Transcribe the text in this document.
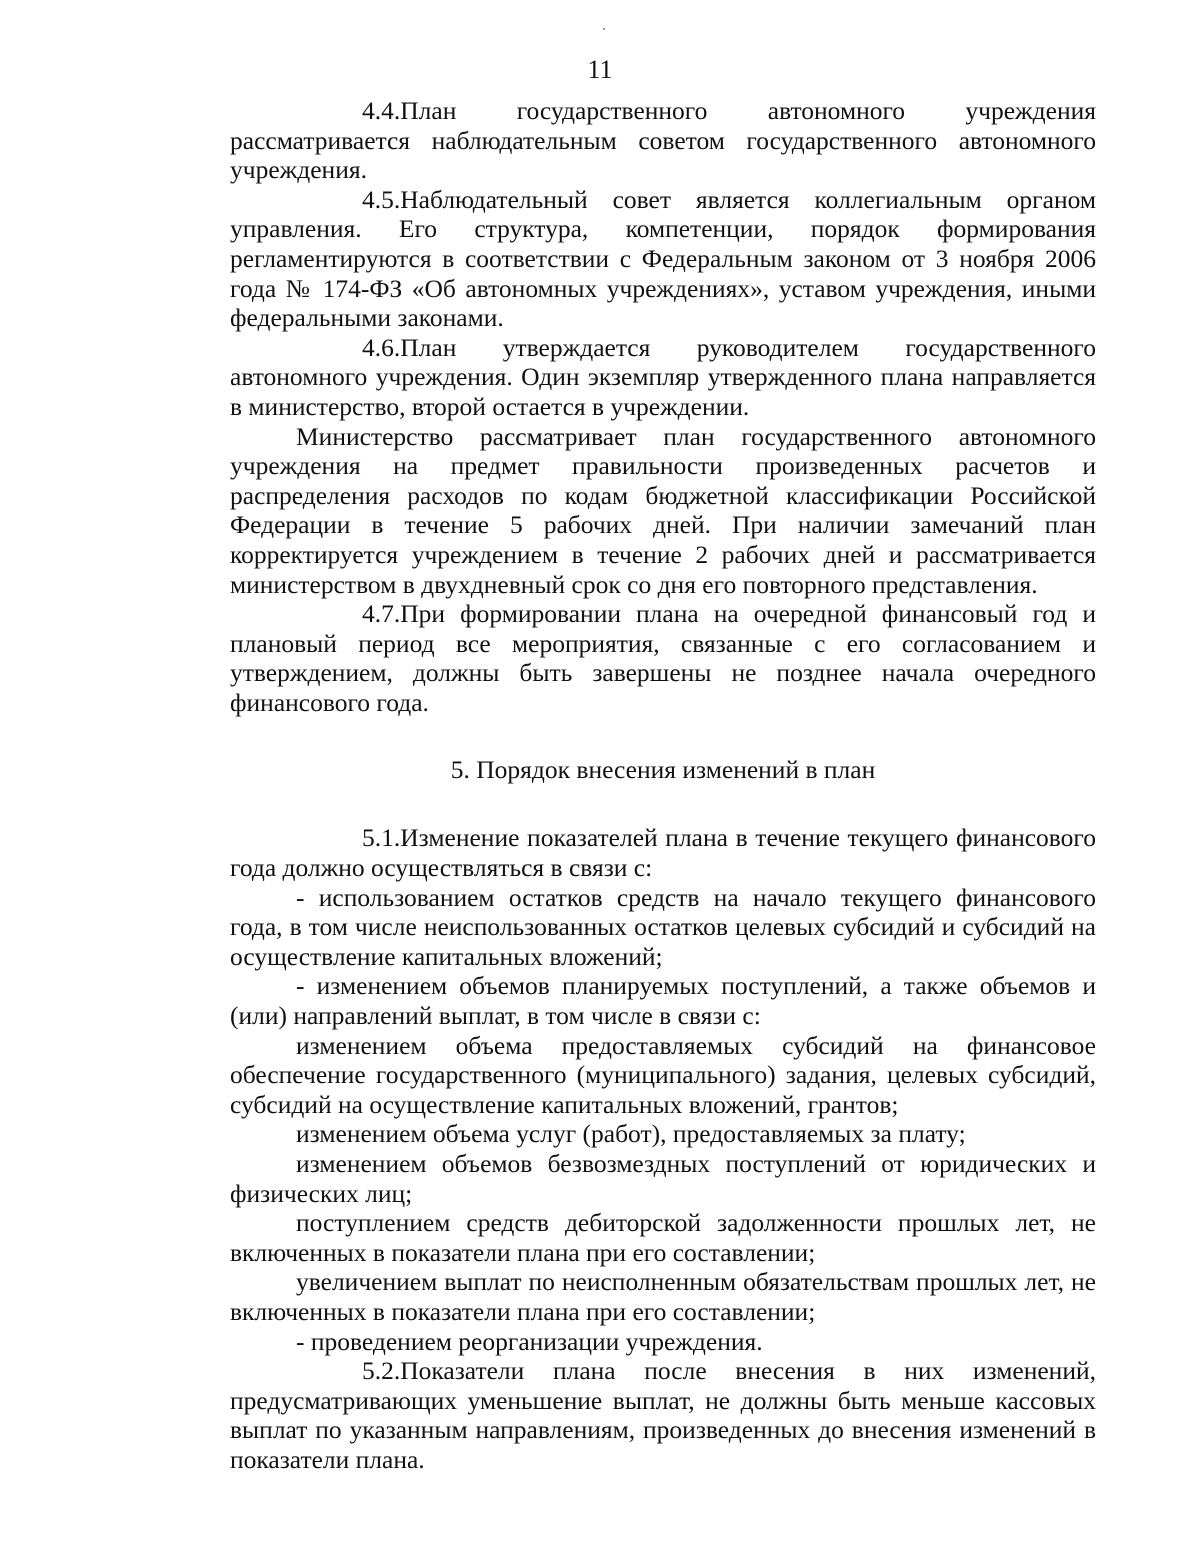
11

4.4.План государственного автономного учреждения рассматривается наблюдательным советом государственного автономного учреждения.

4.5.Наблюдательный совет является коллегиальным органом управления. Его структура, компетенции, порядок формирования регламентируются в соответствии с Федеральным законом от 3 ноября 2006 года № 174-ФЗ «Об автономных учреждениях», уставом учреждения, иными федеральными законами.

4.6.План утверждается руководителем государственного автономного учреждения. Один экземпляр утвержденного плана направляется в министерство, второй остается в учреждении.

Министерство рассматривает план государственного автономного учреждения на предмет правильности произведенных расчетов и распределения расходов по кодам бюджетной классификации Российской Федерации в течение 5 рабочих дней. При наличии замечаний план корректируется учреждением в течение 2 рабочих дней и рассматривается министерством в двухдневный срок со дня его повторного представления.

4.7.При формировании плана на очередной финансовый год и плановый период все мероприятия, связанные с его согласованием и утверждением, должны быть завершены не позднее начала очередного финансового года.

5. Порядок внесения изменений в план

5.1.Изменение показателей плана в течение текущего финансового года должно осуществляться в связи с:

- использованием остатков средств на начало текущего финансового года, в том числе неиспользованных остатков целевых субсидий и субсидий на осуществление капитальных вложений;

- изменением объемов планируемых поступлений, а также объемов и (или) направлений выплат, в том числе в связи с:

изменением объема предоставляемых субсидий на финансовое обеспечение государственного (муниципального) задания, целевых субсидий, субсидий на осуществление капитальных вложений, грантов;

изменением объема услуг (работ), предоставляемых за плату;

изменением объемов безвозмездных поступлений от юридических и физических лиц;

поступлением средств дебиторской задолженности прошлых лет, не включенных в показатели плана при его составлении;

увеличением выплат по неисполненным обязательствам прошлых лет, не включенных в показатели плана при его составлении;

- проведением реорганизации учреждения.

5.2.Показатели плана после внесения в них изменений, предусматривающих уменьшение выплат, не должны быть меньше кассовых выплат по указанным направлениям, произведенных до внесения изменений в показатели плана.
